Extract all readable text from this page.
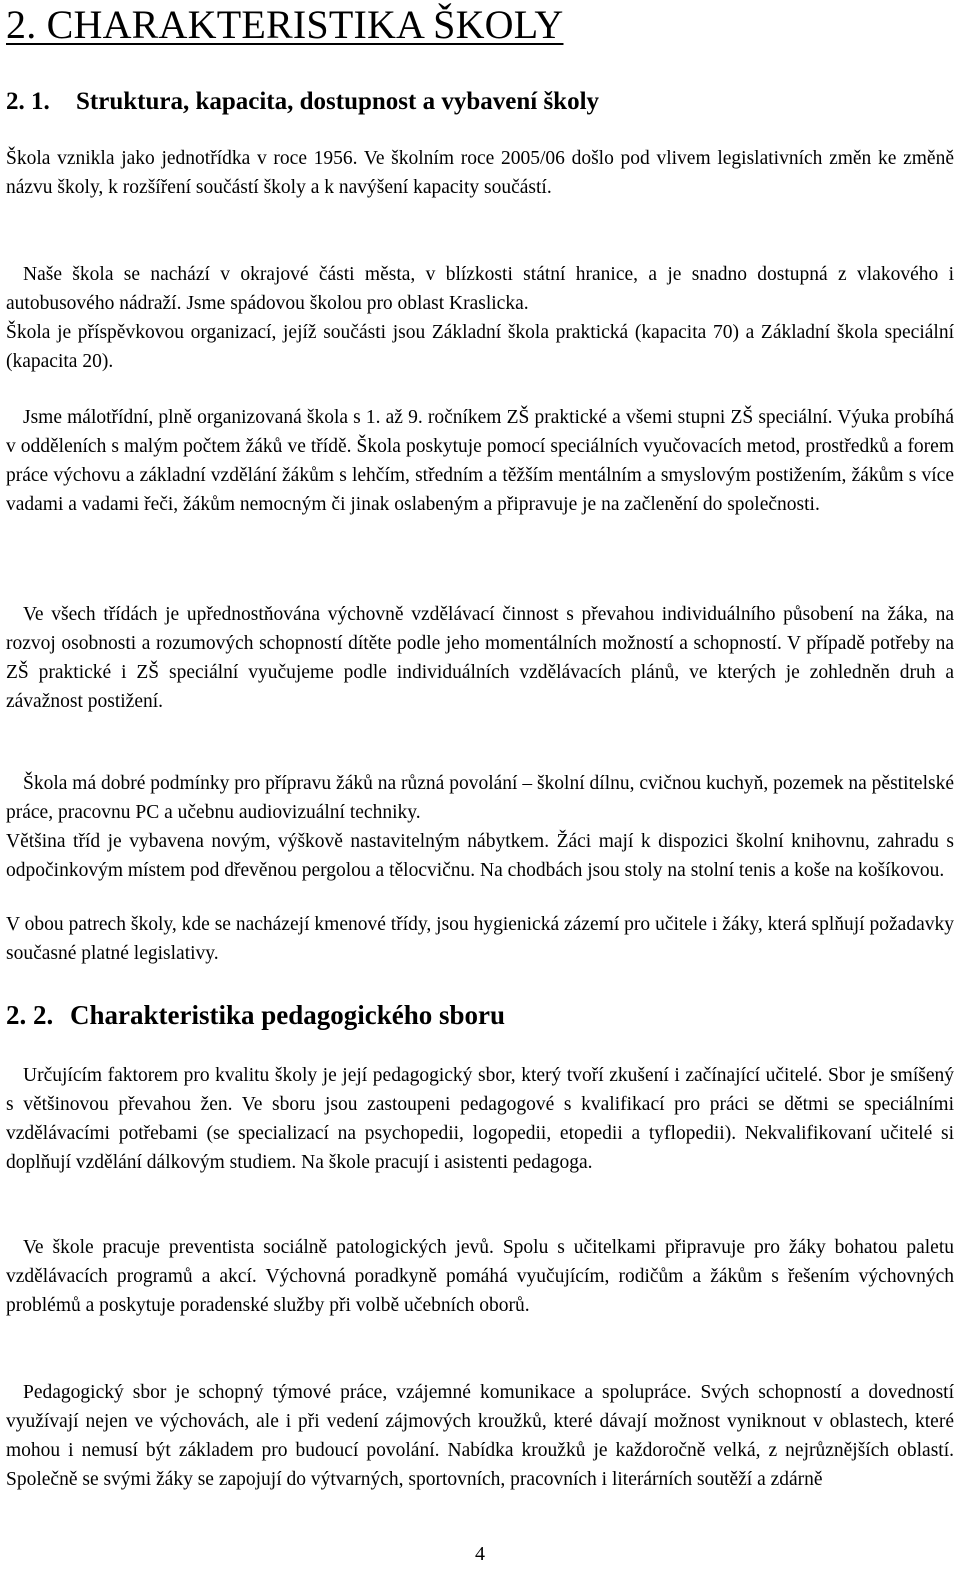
2. CHARAKTERISTIKA ŠKOLY
2. 1. Struktura, kapacita, dostupnost a vybavení školy

Škola vznikla jako jednotřídka v roce 1956. Ve školním roce 2005/06 došlo pod vlivem legislativních změn ke změně názvu školy, k rozšíření součástí školy a k navýšení kapacity součástí.

Naše škola se nachází v okrajové části města, v blízkosti státní hranice, a je snadno dostupná z vlakového i autobusového nádraží. Jsme spádovou školou pro oblast Kraslicka.

Škola je příspěvkovou organizací, jejíž součásti jsou Základní škola praktická (kapacita 70) a Základní škola speciální (kapacita 20).

Jsme málotřídní, plně organizovaná škola s 1. až 9. ročníkem ZŠ praktické a všemi stupni ZŠ speciální. Výuka probíhá v odděleních s malým počtem žáků ve třídě. Škola poskytuje pomocí speciálních vyučovacích metod, prostředků a forem práce výchovu a základní vzdělání žákům s lehčím, středním a těžším mentálním a smyslovým postižením, žákům s více vadami a vadami řeči, žákům nemocným či jinak oslabeným a připravuje je na začlenění do společnosti.

Ve všech třídách je upřednostňována výchovně vzdělávací činnost s převahou individuálního působení na žáka, na rozvoj osobnosti a rozumových schopností dítěte podle jeho momentálních možností a schopností. V případě potřeby na ZŠ praktické i ZŠ speciální vyučujeme podle individuálních vzdělávacích plánů, ve kterých je zohledněn druh a závažnost postižení.

Škola má dobré podmínky pro přípravu žáků na různá povolání – školní dílnu, cvičnou kuchyň, pozemek na pěstitelské práce, pracovnu PC a učebnu audiovizuální techniky.

Většina tříd je vybavena novým, výškově nastavitelným nábytkem. Žáci mají k dispozici školní knihovnu, zahradu s odpočinkovým místem pod dřevěnou pergolou a tělocvičnu. Na chodbách jsou stoly na stolní tenis a koše na košíkovou.

V obou patrech školy, kde se nacházejí kmenové třídy, jsou hygienická zázemí pro učitele i žáky, která splňují požadavky současné platné legislativy.

2. 2. Charakteristika pedagogického sboru

Určujícím faktorem pro kvalitu školy je její pedagogický sbor, který tvoří zkušení i začínající učitelé. Sbor je smíšený s většinovou převahou žen. Ve sboru jsou zastoupeni pedagogové s kvalifikací pro práci se dětmi se speciálními vzdělávacími potřebami (se specializací na psychopedii, logopedii, etopedii a tyflopedii). Nekvalifikovaní učitelé si doplňují vzdělání dálkovým studiem. Na škole pracují i asistenti pedagoga.

Ve škole pracuje preventista sociálně patologických jevů. Spolu s učitelkami připravuje pro žáky bohatou paletu vzdělávacích programů a akcí. Výchovná poradkyně pomáhá vyučujícím, rodičům a žákům s řešením výchovných problémů a poskytuje poradenské služby při volbě učebních oborů.

Pedagogický sbor je schopný týmové práce, vzájemné komunikace a spolupráce. Svých schopností a dovedností využívají nejen ve výchovách, ale i při vedení zájmových kroužků, které dávají možnost vyniknout v oblastech, které mohou i nemusí být základem pro budoucí povolání. Nabídka kroužků je každoročně velká, z nejrůznějších oblastí. Společně se svými žáky se zapojují do výtvarných, sportovních, pracovních i literárních soutěží a zdárně

4
